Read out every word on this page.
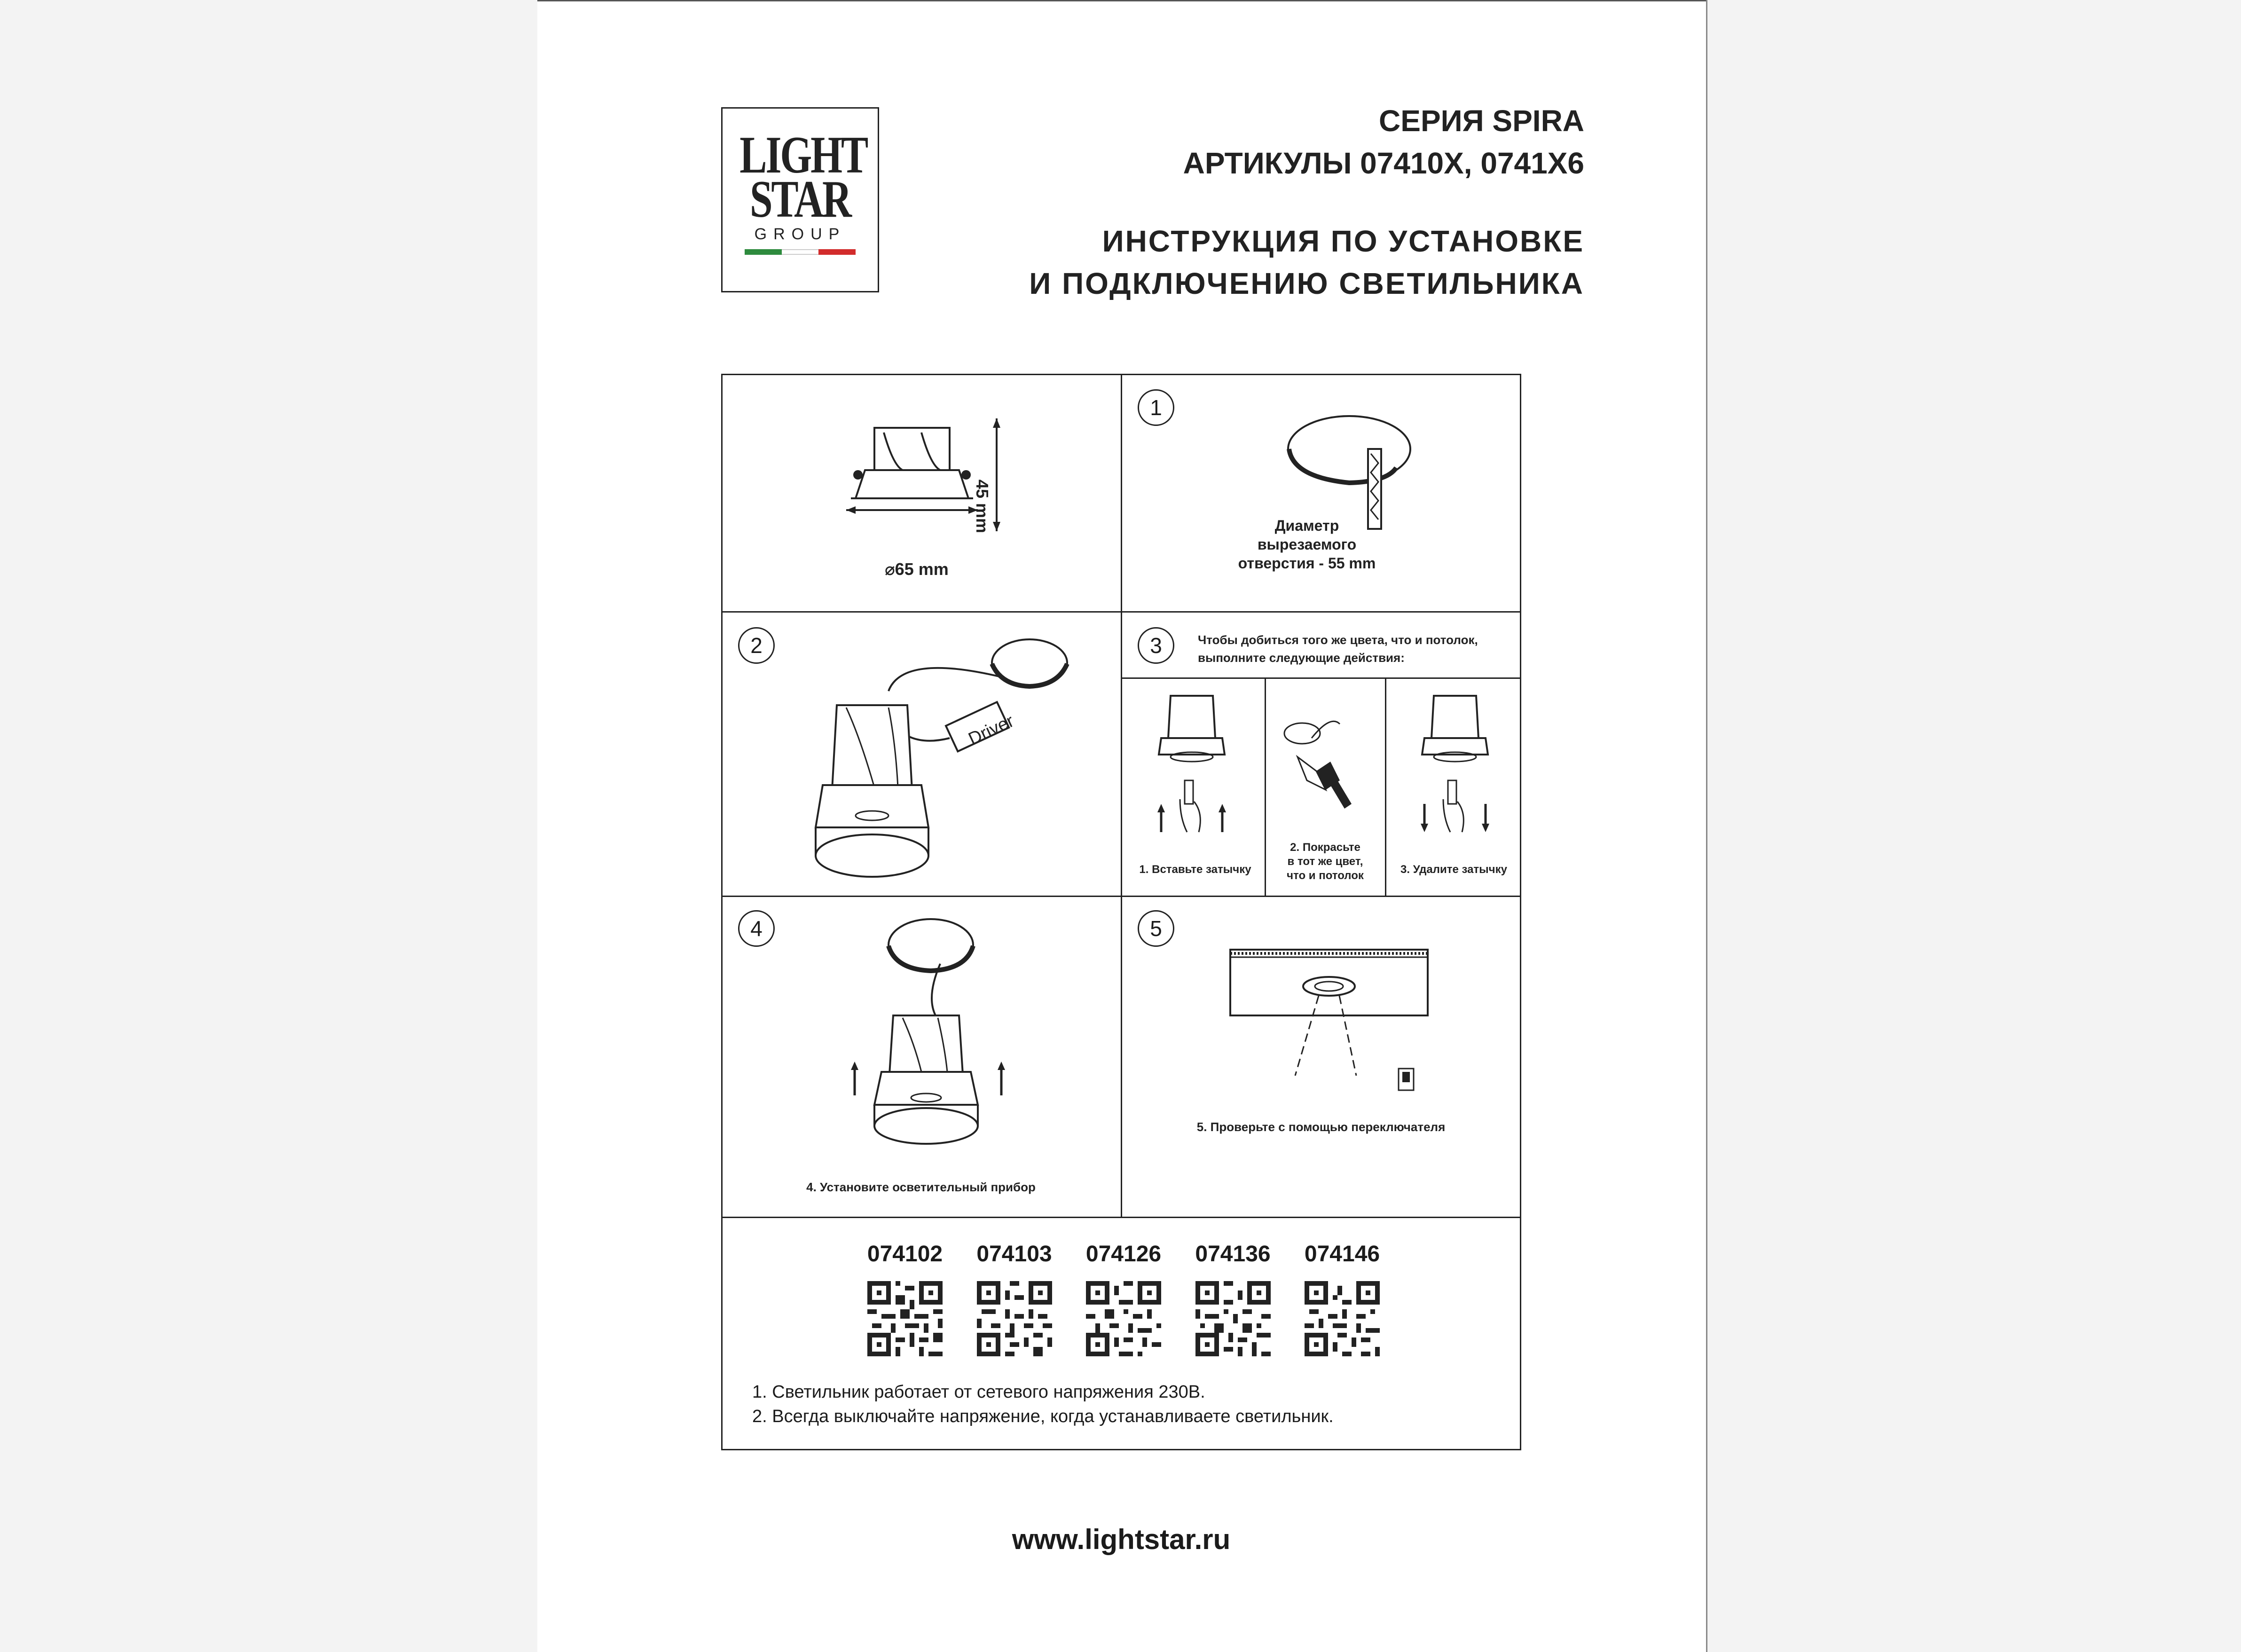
LIGHT
STAR
GROUP
СЕРИЯ SPIRA
АРТИКУЛЫ 07410Х, 0741Х6
ИНСТРУКЦИЯ ПО УСТАНОВКЕ
И ПОДКЛЮЧЕНИЮ СВЕТИЛЬНИКА
45 mm
⌀65 mm
1
Диаметр
вырезаемого
отверстия - 55 mm
2
Driver
3	Чтобы добиться того же цвета, что и потолок,
выполните следующие действия:
1. Вставьте затычку
2. Покрасьте
в тот же цвет,
что и потолок	3. Удалите затычку
4
4. Установите осветительный прибор
5
5. Проверьте с помощью переключателя
074102 074103 074126 074136 074146
1. Светильник работает от сетевого напряжения 230В.
2. Всегда выключайте напряжение, когда устанавливаете светильник.
www.lightstar.ru
